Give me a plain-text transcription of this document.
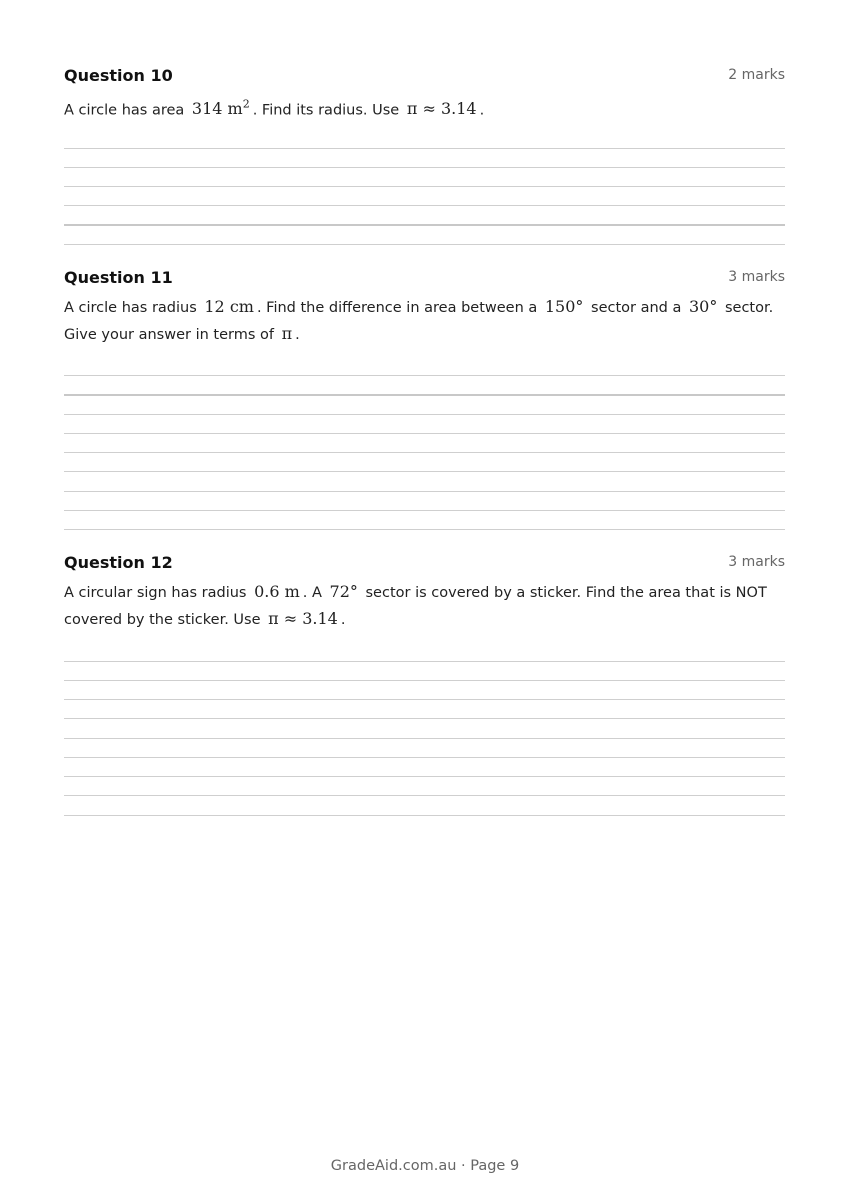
Question 10	2 marks
A circle has area 314 $m^2$ . Find its radius. Use π ≈ 3.14 .
Question 11	3 marks
A circle has radius 12 cm . Find the difference in area between a 150° sector and a 30° sector.
Give your answer in terms of π .
Question 12	3 marks
A circular sign has radius 0.6 m . A 72° sector is covered by a sticker. Find the area that is NOT
covered by the sticker. Use π ≈ 3.14 .
GradeAid.com.au · Page 9
